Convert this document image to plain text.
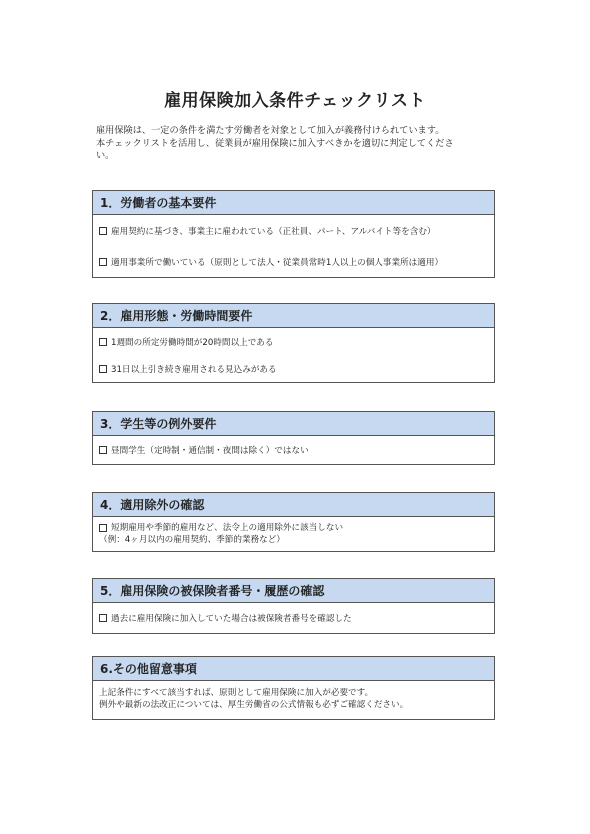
雇用保険加入条件チェックリスト
雇用保険は、一定の条件を満たす労働者を対象として加入が義務付けられています。
本チェックリストを活用し、従業員が雇用保険に加入すべきかを適切に判定してくださ
い。
1．労働者の基本要件
雇用契約に基づき、事業主に雇われている（正社員、パート、アルバイト等を含む）
適用事業所で働いている（原則として法人・従業員常時1人以上の個人事業所は適用）
2．雇用形態・労働時間要件
1週間の所定労働時間が20時間以上である
31日以上引き続き雇用される見込みがある
3．学生等の例外要件
昼間学生（定時制・通信制・夜間は除く）ではない
4．適用除外の確認
短期雇用や季節的雇用など、法令上の適用除外に該当しない
（例：4ヶ月以内の雇用契約、季節的業務など）
5．雇用保険の被保険者番号・履歴の確認
過去に雇用保険に加入していた場合は被保険者番号を確認した
6.その他留意事項
上記条件にすべて該当すれば、原則として雇用保険に加入が必要です。
例外や最新の法改正については、厚生労働省の公式情報も必ずご確認ください。
